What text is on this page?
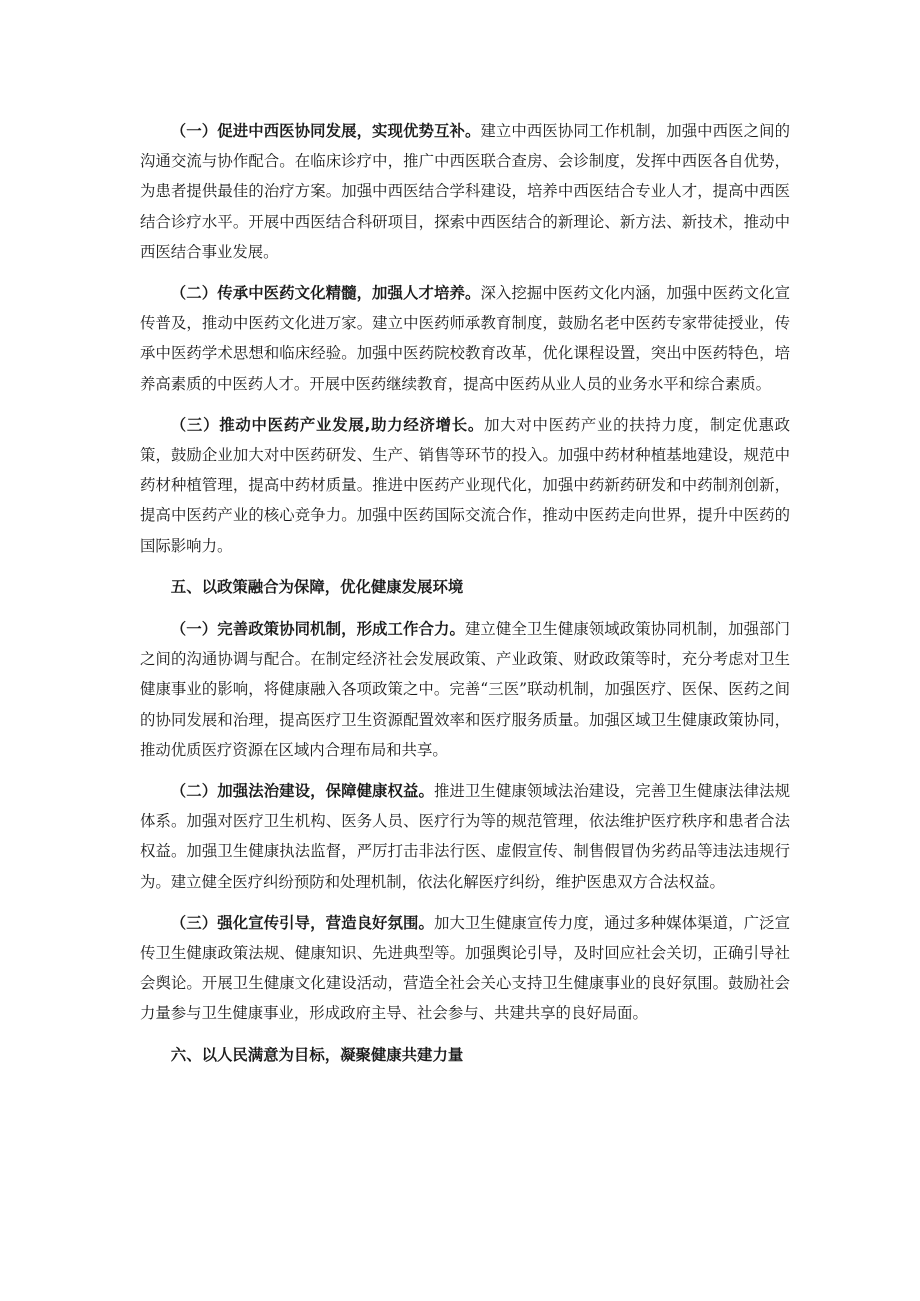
（一）促进中西医协同发展，实现优势互补。建立中西医协同工作机制，加强中西医之间的沟通交流与协作配合。在临床诊疗中，推广中西医联合查房、会诊制度，发挥中西医各自优势，为患者提供最佳的治疗方案。加强中西医结合学科建设，培养中西医结合专业人才，提高中西医结合诊疗水平。开展中西医结合科研项目，探索中西医结合的新理论、新方法、新技术，推动中西医结合事业发展。

（二）传承中医药文化精髓，加强人才培养。深入挖掘中医药文化内涵，加强中医药文化宣传普及，推动中医药文化进万家。建立中医药师承教育制度，鼓励名老中医药专家带徒授业，传承中医药学术思想和临床经验。加强中医药院校教育改革，优化课程设置，突出中医药特色，培养高素质的中医药人才。开展中医药继续教育，提高中医药从业人员的业务水平和综合素质。

（三）推动中医药产业发展,助力经济增长。加大对中医药产业的扶持力度，制定优惠政策，鼓励企业加大对中医药研发、生产、销售等环节的投入。加强中药材种植基地建设，规范中药材种植管理，提高中药材质量。推进中医药产业现代化，加强中药新药研发和中药制剂创新，提高中医药产业的核心竞争力。加强中医药国际交流合作，推动中医药走向世界，提升中医药的国际影响力。

五、以政策融合为保障，优化健康发展环境

（一）完善政策协同机制，形成工作合力。建立健全卫生健康领域政策协同机制，加强部门之间的沟通协调与配合。在制定经济社会发展政策、产业政策、财政政策等时，充分考虑对卫生健康事业的影响，将健康融入各项政策之中。完善“三医”联动机制，加强医疗、医保、医药之间的协同发展和治理，提高医疗卫生资源配置效率和医疗服务质量。加强区域卫生健康政策协同，推动优质医疗资源在区域内合理布局和共享。

（二）加强法治建设，保障健康权益。推进卫生健康领域法治建设，完善卫生健康法律法规体系。加强对医疗卫生机构、医务人员、医疗行为等的规范管理，依法维护医疗秩序和患者合法权益。加强卫生健康执法监督，严厉打击非法行医、虚假宣传、制售假冒伪劣药品等违法违规行为。建立健全医疗纠纷预防和处理机制，依法化解医疗纠纷，维护医患双方合法权益。

（三）强化宣传引导，营造良好氛围。加大卫生健康宣传力度，通过多种媒体渠道，广泛宣传卫生健康政策法规、健康知识、先进典型等。加强舆论引导，及时回应社会关切，正确引导社会舆论。开展卫生健康文化建设活动，营造全社会关心支持卫生健康事业的良好氛围。鼓励社会力量参与卫生健康事业，形成政府主导、社会参与、共建共享的良好局面。

六、以人民满意为目标，凝聚健康共建力量
